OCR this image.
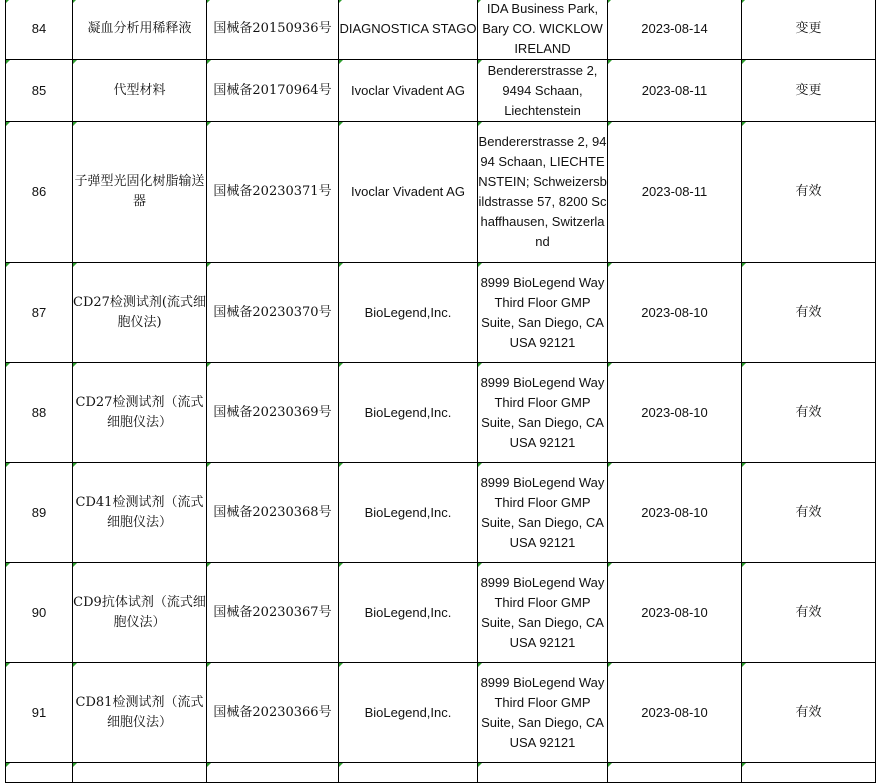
84	凝血分析用稀释液	国械备20150936号	DIAGNOSTICA STAGO	IDA Business Park, Bary CO. WICKLOW IRELAND	2023-08-14	变更
85	代型材料	国械备20170964号	Ivoclar Vivadent AG	Bendererstrasse 2, 9494 Schaan, Liechtenstein	2023-08-11	变更
86	子弹型光固化树脂输送器	国械备20230371号	Ivoclar Vivadent AG	Bendererstrasse 2, 9494 Schaan, LIECHTENSTEIN; Schweizersbildstrasse 57, 8200 Schaffhausen, Switzerland	2023-08-11	有效
87	CD27检测试剂(流式细胞仪法)	国械备20230370号	BioLegend,Inc.	8999 BioLegend Way Third Floor GMP Suite, San Diego, CA USA 92121	2023-08-10	有效
88	CD27检测试剂（流式细胞仪法）	国械备20230369号	BioLegend,Inc.	8999 BioLegend Way Third Floor GMP Suite, San Diego, CA USA 92121	2023-08-10	有效
89	CD41检测试剂（流式细胞仪法）	国械备20230368号	BioLegend,Inc.	8999 BioLegend Way Third Floor GMP Suite, San Diego, CA USA 92121	2023-08-10	有效
90	CD9抗体试剂（流式细胞仪法）	国械备20230367号	BioLegend,Inc.	8999 BioLegend Way Third Floor GMP Suite, San Diego, CA USA 92121	2023-08-10	有效
91	CD81检测试剂（流式细胞仪法）	国械备20230366号	BioLegend,Inc.	8999 BioLegend Way Third Floor GMP Suite, San Diego, CA USA 92121	2023-08-10	有效
